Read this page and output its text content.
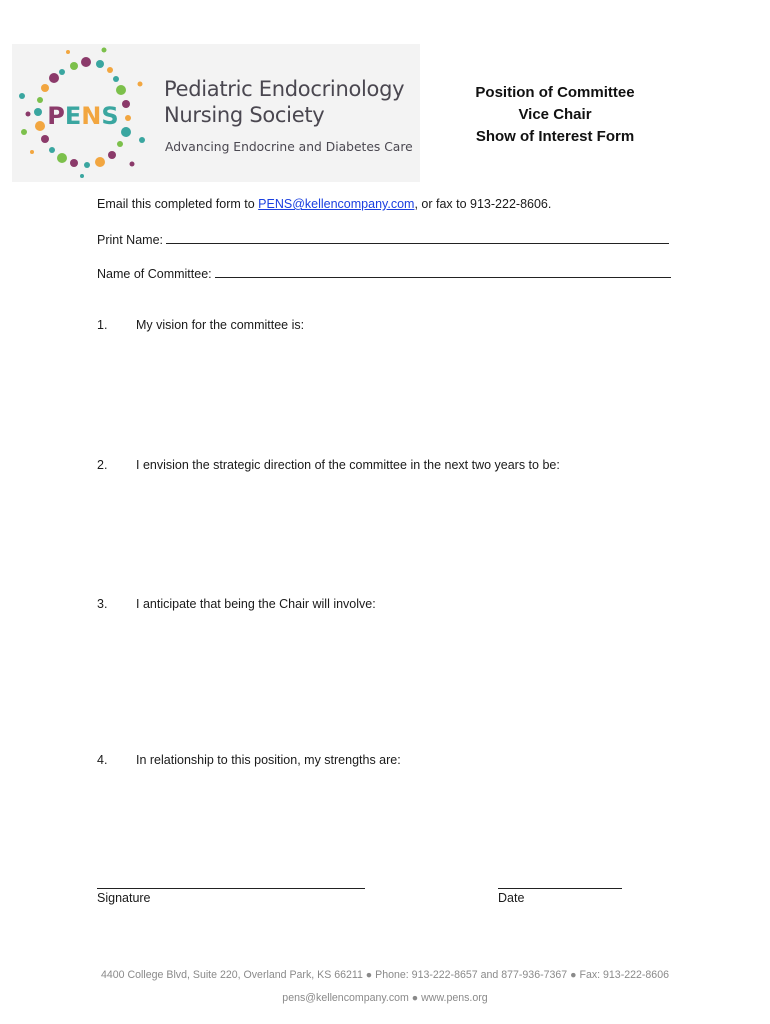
PENS
Pediatric Endocrinology
Nursing Society
Advancing Endocrine and Diabetes Care
Position of Committee
Vice Chair
Show of Interest Form
Email this completed form to PENS@kellencompany.com, or fax to 913-222-8606.
Print Name:
Name of Committee:
1. My vision for the committee is:
2. I envision the strategic direction of the committee in the next two years to be:
3. I anticipate that being the Chair will involve:
4. In relationship to this position, my strengths are:
Signature	Date
4400 College Blvd, Suite 220, Overland Park, KS 66211 ● Phone: 913-222-8657 and 877-936-7367 ● Fax: 913-222-8606
pens@kellencompany.com ● www.pens.org
